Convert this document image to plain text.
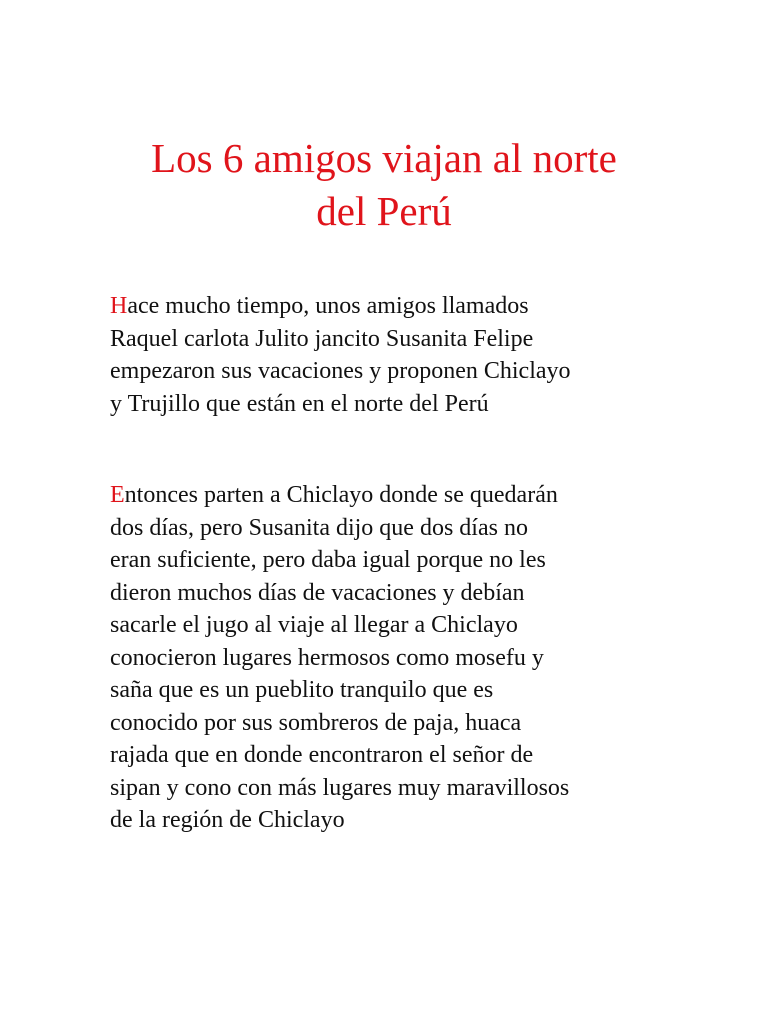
Los 6 amigos viajan al norte
del Perú

Hace mucho tiempo, unos amigos llamados
Raquel carlota Julito jancito Susanita Felipe
empezaron sus vacaciones y proponen Chiclayo
y Trujillo que están en el norte del Perú

Entonces parten a Chiclayo donde se quedarán
dos días, pero Susanita dijo que dos días no
eran suficiente, pero daba igual porque no les
dieron muchos días de vacaciones y debían
sacarle el jugo al viaje al llegar a Chiclayo
conocieron lugares hermosos como mosefu y
saña que es un pueblito tranquilo que es
conocido por sus sombreros de paja, huaca
rajada que en donde encontraron el señor de
sipan y cono con más lugares muy maravillosos
de la región de Chiclayo
